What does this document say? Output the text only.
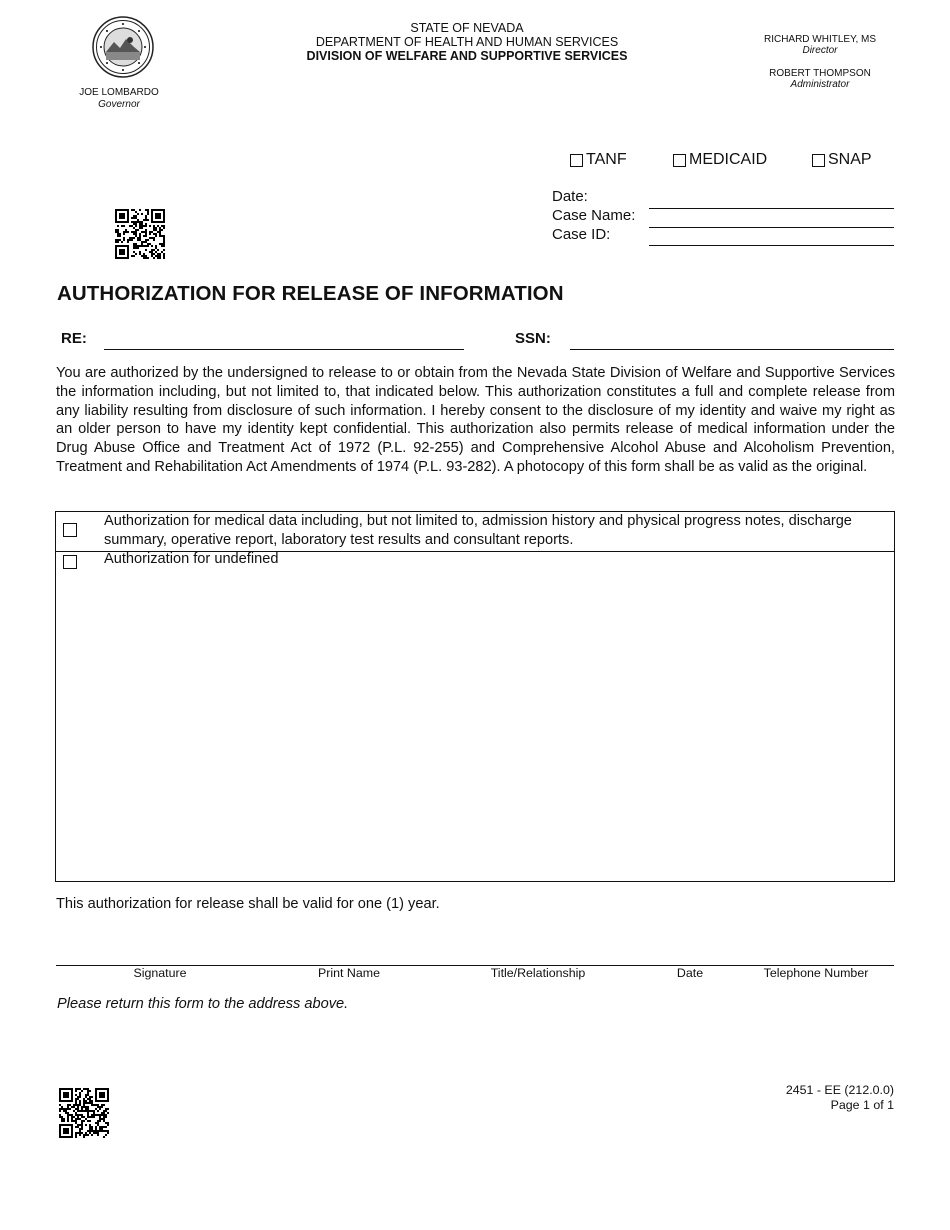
JOE LOMBARDO
Governor
STATE OF NEVADA
DEPARTMENT OF HEALTH AND HUMAN SERVICES
DIVISION OF WELFARE AND SUPPORTIVE SERVICES
RICHARD WHITLEY, MS
Director
ROBERT THOMPSON
Administrator
TANF	MEDICAID	SNAP
Date:
Case Name:
Case ID:
AUTHORIZATION FOR RELEASE OF INFORMATION
RE:	SSN:
You are authorized by the undersigned to release to or obtain from the Nevada State Division of Welfare and Supportive Services the information including, but not limited to, that indicated below. This authorization constitutes a full and complete release from any liability resulting from disclosure of such information. I hereby consent to the disclosure of my identity and waive my right as an older person to have my identity kept confidential. This authorization also permits release of medical information under the Drug Abuse Office and Treatment Act of 1972 (P.L. 92-255) and Comprehensive Alcohol Abuse and Alcoholism Prevention, Treatment and Rehabilitation Act Amendments of 1974 (P.L. 93-282). A photocopy of this form shall be as valid as the original.
Authorization for medical data including, but not limited to, admission history and physical progress notes, discharge summary, operative report, laboratory test results and consultant reports.
Authorization for undefined
This authorization for release shall be valid for one (1) year.
Signature	Print Name	Title/Relationship	Date	Telephone Number
Please return this form to the address above.
2451 - EE (212.0.0)
Page 1 of 1
